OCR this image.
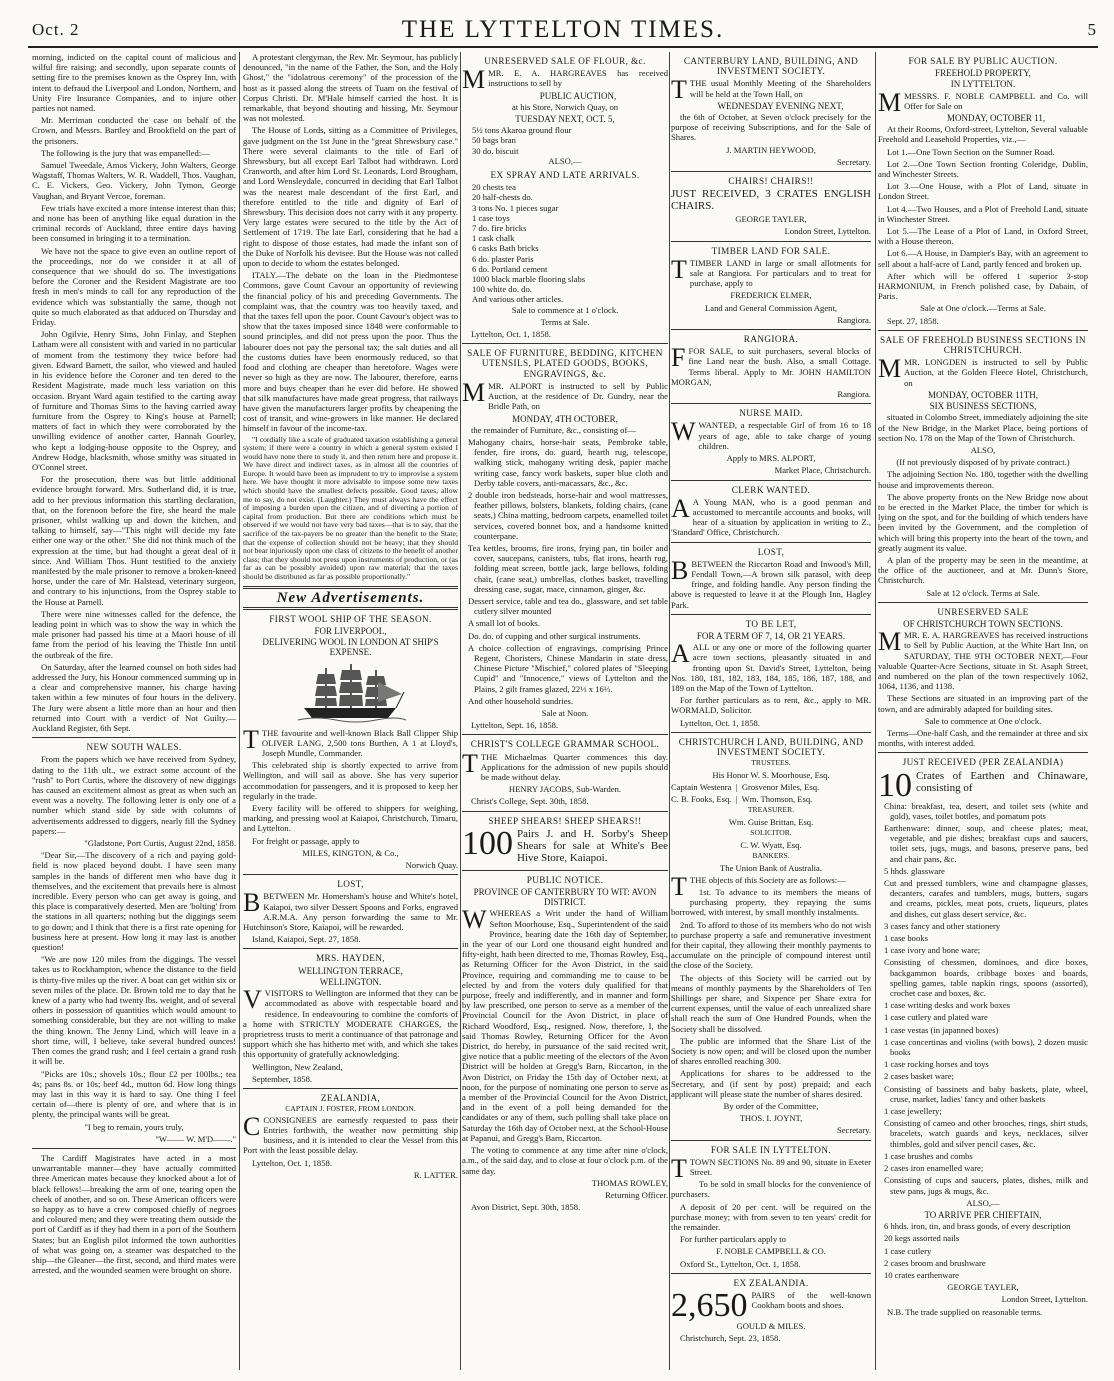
Oct. 2	THE LYTTELTON TIMES.	5

morning, indicted on the capital count of malicious and wilful fire raising; and secondly, upon separate counts of setting fire to the premises known as the Osprey Inn, with intent to defraud the Liverpool and London, Northern, and Unity Fire Insurance Companies, and to injure other parties not named.

Mr. Merriman conducted the case on behalf of the Crown, and Messrs. Bartley and Brookfield on the part of the prisoners.

The following is the jury that was empanelled:—

Samuel Tweedale, Amos Vickery, John Walters, George Wagstaff, Thomas Walters, W. R. Waddell, Thos. Vaughan, C. E. Vickers, Geo. Vickery, John Tymon, George Vaughan, and Bryant Vercoe, foreman.

Few trials have excited a more intense interest than this; and none has been of anything like equal duration in the criminal records of Auckland, three entire days having been consumed in bringing it to a termination.

We have not the space to give even an outline report of the proceedings, nor do we consider it at all of consequence that we should do so. The investigations before the Coroner and the Resident Magistrate are too fresh in men's minds to call for any reproduction of the evidence which was substantially the same, though not quite so much elaborated as that adduced on Thursday and Friday.

John Ogilvie, Henry Sims, John Finlay, and Stephen Latham were all consistent with and varied in no particular of moment from the testimony they twice before had given. Edward Barnett, the sailor, who viewed and hauled in his evidence before the Coroner and ten dered to the Resident Magistrate, made much less variation on this occasion. Bryant Ward again testified to the carting away of furniture and Thomas Sims to the having carried away furniture from the Osprey to King's house at Parnell; matters of fact in which they were corroborated by the unwilling evidence of another carter, Hannah Gourley, who kept a lodging-house opposite to the Osprey, and Andrew Hodge, blacksmith, whose smithy was situated in O'Connel street.

For the prosecution, there was but little additional evidence brought forward. Mrs. Sutherland did, it is true, add to her previous information this startling declaration, that, on the forenoon before the fire, she heard the male prisoner, whilst walking up and down the kitchen, and talking to himself, say—"This night will decide my fate either one way or the other." She did not think much of the expression at the time, but had thought a great deal of it since. And William Thos. Hunt testified to the anxiety manifested by the male prisoner to remove a broken-kneed horse, under the care of Mr. Halstead, veterinary surgeon, and contrary to his injunctions, from the Osprey stable to the House at Parnell.

There were nine witnesses called for the defence, the leading point in which was to show the way in which the male prisoner had passed his time at a Maori house of ill fame from the period of his leaving the Thistle Inn until the outbreak of the fire.

On Saturday, after the learned counsel on both sides had addressed the Jury, his Honour commenced summing up in a clear and comprehensive manner, his charge having taken within a few minutes of four hours in the delivery. The Jury were absent a little more than an hour and then returned into Court with a verdict of Not Guilty.—Auckland Register, 6th Sept.

NEW SOUTH WALES.

From the papers which we have received from Sydney, dating to the 11th ult., we extract some account of the "rush" to Port Curtis, where the discovery of new diggings has caused an excitement almost as great as when such an event was a novelty. The following letter is only one of a number which stand side by side with columns of advertisements addressed to diggers, nearly fill the Sydney papers:—

"Gladstone, Port Curtis, August 22nd, 1858.

"Dear Sir,—The discovery of a rich and paying gold-field is now placed beyond doubt. I have seen many samples in the hands of different men who have dug it themselves, and the excitement that prevails here is almost incredible. Every person who can get away is going, and this place is comparatively deserted. Men are 'bolting' from the stations in all quarters; nothing but the diggings seem to go down; and I think that there is a first rate opening for business here at present. How long it may last is another question!

"We are now 120 miles from the diggings. The vessel takes us to Rockhampton, whence the distance to the field is thirty-five miles up the river. A boat can get within six or seven miles of the place. Dr. Brown told me to day that he knew of a party who had twenty lbs. weight, and of several others in possession of quantities which would amount to something considerable, but they are not willing to make the thing known. The Jenny Lind, which will leave in a short time, will, I believe, take several hundred ounces! Then comes the grand rush; and I feel certain a grand rush it will be.

"Picks are 10s.; shovels 10s.; flour £2 per 100lbs.; tea 4s; pans 8s. or 10s; beef 4d., mutton 6d. How long things may last in this way it is hard to say. One thing I feel certain of—there is plenty of ore, and where that is in plenty, the principal wants will be great.

"I beg to remain, yours truly,

"W—— W. M'D——."

The Cardiff Magistrates have acted in a most unwarrantable manner—they have actually committed three American mates because they knocked about a lot of black fellows!—breaking the arm of one, tearing open the cheek of another, and so on. These American officers were so happy as to have a crew composed chiefly of negroes and coloured men; and they were treating them outside the port of Cardiff as if they had them in a port of the Southern States; but an English pilot informed the town authorities of what was going on, a steamer was despatched to the ship—the Gleaner—the first, second, and third mates were arrested, and the wounded seamen were brought on shore.

A protestant clergyman, the Rev. Mr. Seymour, has publicly denounced, "in the name of the Father, the Son, and the Holy Ghost," the "idolatrous ceremony" of the procession of the host as it passed along the streets of Tuam on the festival of Corpus Christi. Dr. M'Hale himself carried the host. It is remarkable, that beyond shouting and hissing, Mr. Seymour was not molested.

The House of Lords, sitting as a Committee of Privileges, gave judgment on the 1st June in the "great Shrewsbury case." There were several claimants to the title of Earl of Shrewsbury, but all except Earl Talbot had withdrawn. Lord Cranworth, and after him Lord St. Leonards, Lord Brougham, and Lord Wensleydale, concurred in deciding that Earl Talbot was the nearest male descendant of the first Earl, and therefore entitled to the title and dignity of Earl of Shrewsbury. This decision does not carry with it any property. Very large estates were secured to the title by the Act of Settlement of 1719. The late Earl, considering that he had a right to dispose of those estates, had made the infant son of the Duke of Norfolk his devisee. But the House was not called upon to decide to whom the estates belonged.

ITALY.—The debate on the loan in the Piedmontese Commons, gave Count Cavour an opportunity of reviewing the financial policy of his and preceding Governments. The complaint was, that the country was too heavily taxed, and that the taxes fell upon the poor. Count Cavour's object was to show that the taxes imposed since 1848 were conformable to sound principles, and did not press upon the poor. Thus the labourer does not pay the personal tax; the salt duties and all the customs duties have been enormously reduced, so that food and clothing are cheaper than heretofore. Wages were never so high as they are now. The labourer, therefore, earns more and buys cheaper than he ever did before. He showed that silk manufactures have made great progress, that railways have given the manufacturers larger profits by cheapening the cost of transit, and wine-growers in like manner. He declared himself in favour of the income-tax.

"I cordially like a scale of graduated taxation establishing a general system; if there were a country in which a general system existed I would have none there to study it, and then return here and propose it. We have direct and indirect taxes, as in almost all the countries of Europe. It would have been as imprudent to try to improvise a system here. We have thought it more advisable to impose some new taxes which should have the smallest defects possible. Good taxes, allow me to say, do not exist. (Laughter.) They must always have the effect of imposing a burden upon the citizen, and of diverting a portion of capital from production. But there are conditions which must be observed if we would not have very bad taxes—that is to say, that the sacrifice of the tax-payers be no greater than the benefit to the State; that the expense of collection should not be heavy; that they should not bear injuriously upon one class of citizens to the benefit of another class; that they should not press upon instruments of production, or (as far as can be possibly avoided) upon raw material; that the taxes should be distributed as far as possible proportionally."

New Advertisements.
FIRST WOOL SHIP OF THE SEASON.
FOR LIVERPOOL,
DELIVERING WOOL IN LONDON AT SHIP'S EXPENSE.

TTHE favourite and well-known Black Ball Clipper Ship OLIVER LANG, 2,500 tons Burthen, A 1 at Lloyd's, Joseph Mundle, Commander.

This celebrated ship is shortly expected to arrive from Wellington, and will sail as above. She has very superior accommodation for passengers, and it is proposed to keep her regularly in the trade.

Every facility will be offered to shippers for weighing, marking, and pressing wool at Kaiapoi, Christchurch, Timaru, and Lyttelton.

For freight or passage, apply to

MILES, KINGTON, & Co.,

Norwich Quay.

LOST,

BBETWEEN Mr. Homersham's house and White's hotel, Kaiapoi, two silver Dessert Spoons and Forks, engraved A.R.M.A. Any person forwarding the same to Mr. Hutchinson's Store, Kaiapoi, will be rewarded.

Island, Kaiapoi, Sept. 27, 1858.

MRS. HAYDEN,
WELLINGTON TERRACE,
WELLINGTON.

VVISITORS to Wellington are informed that they can be accommodated as above with respectable board and residence. In endeavouring to combine the comforts of a home with STRICTLY MODERATE CHARGES, the proprietress trusts to merit a continuance of that patronage and support which she has hitherto met with, and which she takes this opportunity of gratefully acknowledging.

Wellington, New Zealand,

September, 1858.

ZEALANDIA,
CAPTAIN J. FOSTER, FROM LONDON.

CCONSIGNEES are earnestly requested to pass their Entries forthwith, the weather now permitting ship business, and it is intended to clear the Vessel from this Port with the least possible delay.

Lyttelton, Oct. 1, 1858.

R. LATTER.

UNRESERVED SALE OF FLOUR, &c.

MMR. E. A. HARGREAVES has received instructions to sell by

PUBLIC AUCTION,

at his Store, Norwich Quay, on

TUESDAY NEXT, OCT. 5,

5½ tons Akaroa ground flour

50 bags bran

30 do. biscuit

ALSO,—

EX SPRAY AND LATE ARRIVALS.

20 chests tea

20 half-chests do.

3 tons No. 1 pieces sugar

1 case toys

7 do. fire bricks

1 cask chalk

6 casks Bath bricks

6 do. plaster Paris

6 do. Portland cement

1000 black marble flooring slabs

100 white do. do.

And various other articles.

Sale to commence at 1 o'clock.

Terms at Sale.

Lyttelton, Oct. 1, 1858.

SALE OF FURNITURE, BEDDING, KITCHEN UTENSILS, PLATED GOODS, BOOKS, ENGRAVINGS, &c.

MMR. ALPORT is instructed to sell by Public Auction, at the residence of Dr. Gundry, near the Bridle Path, on

MONDAY, 4TH OCTOBER,

the remainder of Furniture, &c., consisting of—

Mahogany chairs, horse-hair seats, Pembroke table, fender, fire irons, do. guard, hearth rug, telescope, walking stick, mahogany writing desk, papier mache writing case, fancy work baskets, super blue cloth and Derby table covers, anti-macassars, &c., &c.

2 double iron bedsteads, horse-hair and wool mattresses, feather pillows, bolsters, blankets, folding chairs, (cane seats,) China matting, bedroom carpets, enamelled toilet services, covered bonnet box, and a handsome knitted counterpane.

Tea kettles, brooms, fire irons, frying pan, tin boiler and cover, saucepans, canisters, tubs, flat irons, hearth rug, folding meat screen, bottle jack, large bellows, folding chair, (cane seat,) umbrellas, clothes basket, travelling dressing case, sugar, mace, cinnamon, ginger, &c.

Dessert service, table and tea do., glassware, and set table cutlery silver mounted

A small lot of books.

Do. do. of cupping and other surgical instruments.

A choice collection of engravings, comprising Prince Regent, Choristers, Chinese Mandarin in state dress, Chinese Picture "Mischief," colored plates of "Sleeping Cupid" and "Innocence," views of Lyttelton and the Plains, 2 gilt frames glazed, 22⅓ x 16⅓.

And other household sundries.

Sale at Noon.

Lyttelton, Sept. 16, 1858.

CHRIST'S COLLEGE GRAMMAR SCHOOL.

TTHE Michaelmas Quarter commences this day. Applications for the admission of new pupils should be made without delay.

HENRY JACOBS, Sub-Warden.

Christ's College, Sept. 30th, 1858.

SHEEP SHEARS! SHEEP SHEARS!!

100 Pairs J. and H. Sorby's Sheep Shears for sale at White's Bee Hive Store, Kaiapoi.

PUBLIC NOTICE.
PROVINCE OF CANTERBURY TO WIT: AVON DISTRICT.

WWHEREAS a Writ under the hand of William Sefton Moorhouse, Esq., Superintendent of the said Province, bearing date the 16th day of September, in the year of our Lord one thousand eight hundred and fifty-eight, hath been directed to me, Thomas Rowley, Esq., as Returning Officer for the Avon District, in the said Province, requiring and commanding me to cause to be elected by and from the voters duly qualified for that purpose, freely and indifferently, and in manner and form by law prescribed, one person to serve as a member of the Provincial Council for the Avon District, in place of Richard Woodford, Esq., resigned. Now, therefore, I, the said Thomas Rowley, Returning Officer for the Avon District, do hereby, in pursuance of the said recited writ, give notice that a public meeting of the electors of the Avon District will be holden at Gregg's Barn, Riccarton, in the Avon District, on Friday the 15th day of October next, at noon, for the purpose of nominating one person to serve as a member of the Provincial Council for the Avon District, and in the event of a poll being demanded for the candidates or any of them, such polling shall take place on Saturday the 16th day of October next, at the School-House at Papanui, and Gregg's Barn, Riccarton.

The voting to commence at any time after nine o'clock, a.m., of the said day, and to close at four o'clock p.m. of the same day.

THOMAS ROWLEY,

Returning Officer.

Avon District, Sept. 30th, 1858.

CANTERBURY LAND, BUILDING, AND INVESTMENT SOCIETY.

TTHE usual Monthly Meeting of the Shareholders will be held at the Town Hall, on

WEDNESDAY EVENING NEXT,

the 6th of October, at Seven o'clock precisely for the purpose of receiving Subscriptions, and for the Sale of Shares.

J. MARTIN HEYWOOD,

Secretary.

CHAIRS! CHAIRS!!

JUST RECEIVED, 3 CRATES ENGLISH CHAIRS.

GEORGE TAYLER,

London Street, Lyttelton.

TIMBER LAND FOR SALE.

TTIMBER LAND in large or small allotments for sale at Rangiora. For particulars and to treat for purchase, apply to

FREDERICK ELMER,

Land and General Commission Agent,

Rangiora.

RANGIORA.

FFOR SALE, to suit purchasers, several blocks of fine Land near the bush. Also, a small Cottage. Terms liberal. Apply to Mr. JOHN HAMILTON MORGAN,

Rangiora.

NURSE MAID.

WWANTED, a respectable Girl of from 16 to 18 years of age, able to take charge of young children.

Apply to MRS. ALPORT,

Market Place, Christchurch.

CLERK WANTED.

A A Young MAN, who is a good penman and accustomed to mercantile accounts and books, will hear of a situation by application in writing to Z., 'Standard' Office, Christchurch.

LOST,

BBETWEEN the Riccarton Road and Inwood's Mill, Fendall Town,—A brown silk parasol, with deep fringe, and folding handle. Any person finding the above is requested to leave it at the Plough Inn, Hagley Park.

TO BE LET,
FOR A TERM OF 7, 14, OR 21 YEARS.

AALL or any one or more of the following quarter acre town sections, pleasantly situated in and fronting upon St. David's Street, Lyttelton, being Nos. 180, 181, 182, 183, 184, 185, 186, 187, 188, and 189 on the Map of the Town of Lyttelton.

For further particulars as to rent, &c., apply to MR. WORMALD, Solicitor.

Lyttelton, Oct. 1, 1858.

CHRISTCHURCH LAND, BUILDING, AND INVESTMENT SOCIETY.

TRUSTEES.

His Honor W. S. Moorhouse, Esq.

Captain Westenra  |  Grosvenor Miles, Esq.

C. B. Fooks, Esq.  |  Wm. Thomson, Esq.

TREASURER.

Wm. Guise Brittan, Esq.

SOLICITOR.

C. W. Wyatt, Esq.

BANKERS.

The Union Bank of Australia.

TTHE objects of this Society are as follows:—

1st. To advance to its members the means of purchasing property, they repaying the sums borrowed, with interest, by small monthly instalments.

2nd. To afford to those of its members who do not wish to purchase property a safe and remunerative investment for their capital, they allowing their monthly payments to accumulate on the principle of compound interest until the close of the Society.

The objects of this Society will be carried out by means of monthly payments by the Shareholders of Ten Shillings per share, and Sixpence per Share extra for current expenses, until the value of each unrealized share shall reach the sum of One Hundred Pounds, when the Society shall be dissolved.

The public are informed that the Share List of the Society is now open; and will be closed upon the number of shares enrolled reaching 300.

Applications for shares to be addressed to the Secretary, and (if sent by post) prepaid; and each applicant will please state the number of shares desired.

By order of the Committee,

THOS. I. JOYNT,

Secretary.

FOR SALE IN LYTTELTON.

TTOWN SECTIONS No. 89 and 90, situate in Exeter Street.

To be sold in small blocks for the convenience of purchasers.

A deposit of 20 per cent. will be required on the purchase money; with from seven to ten years' credit for the remainder.

For further particulars apply to

F. NOBLE CAMPBELL & CO.

Oxford St., Lyttelton, Oct. 1, 1858.

EX ZEALANDIA.

2,650 PAIRS of the well-known Cookham boots and shoes.

GOULD & MILES.

Christchurch, Sept. 23, 1858.

FOR SALE BY PUBLIC AUCTION.
FREEHOLD PROPERTY,
IN LYTTELTON.

MMESSRS. F. NOBLE CAMPBELL and Co. will Offer for Sale on

MONDAY, OCTOBER 11,

At their Rooms, Oxford-street, Lyttelton, Several valuable Freehold and Leasehold Properties, viz.,—

Lot 1.—One Town Section on the Sumner Road.

Lot 2.—One Town Section fronting Coleridge, Dublin, and Winchester Streets.

Lot 3.—One House, with a Plot of Land, situate in London Street.

Lot 4.—Two Houses, and a Plot of Freehold Land, situate in Winchester Street.

Lot 5.—The Lease of a Plot of Land, in Oxford Street, with a House thereon.

Lot 6.—A House, in Dampier's Bay, with an agreement to sell about a half-acre of Land, partly fenced and broken up.

After which will be offered 1 superior 3-stop HARMONIUM, in French polished case, by Dabain, of Paris.

Sale at One o'clock.—Terms at Sale.

Sept. 27, 1858.

SALE OF FREEHOLD BUSINESS SECTIONS IN CHRISTCHURCH.

MMR. LONGDEN is instructed to sell by Public Auction, at the Golden Fleece Hotel, Christchurch, on

MONDAY, OCTOBER 11TH,
SIX BUSINESS SECTIONS,

situated in Colombo Street, immediately adjoining the site of the New Bridge, in the Market Place, being portions of section No. 178 on the Map of the Town of Christchurch.

ALSO,

(If not previously disposed of by private contract.)

The adjoining Section No. 180, together with the dwelling house and improvements thereon.

The above property fronts on the New Bridge now about to be erected in the Market Place, the timber for which is lying on the spot, and for the building of which tenders have been invited by the Government, and the completion of which will bring this property into the heart of the town, and greatly augment its value.

A plan of the property may be seen in the meantime, at the office of the auctioneer, and at Mr. Dunn's Store, Christchurch.

Sale at 12 o'clock. Terms at Sale.

UNRESERVED SALE
OF CHRISTCHURCH TOWN SECTIONS.

MMR. E. A. HARGREAVES has received instructions to Sell by Public Auction, at the White Hart Inn, on SATURDAY, THE 9TH OCTOBER NEXT,—Four valuable Quarter-Acre Sections, situate in St. Asaph Street, and numbered on the plan of the town respectively 1062, 1064, 1136, and 1138.

These Sections are situated in an improving part of the town, and are admirably adapted for building sites.

Sale to commence at One o'clock.

Terms—One-half Cash, and the remainder at three and six months, with interest added.

JUST RECEIVED (PER ZEALANDIA)

10 Crates of Earthen and Chinaware, consisting of

China: breakfast, tea, desert, and toilet sets (white and gold), vases, toilet bottles, and pomatum pots

Earthenware: dinner, soup, and cheese plates; meat, vegetable, and pie dishes; breakfast cups and saucers, toilet sets, jugs, mugs, and basons, preserve pans, bed and chair pans, &c.

5 hhds. glassware

Cut and pressed tumblers, wine and champagne glasses, decanters, carafes and tumblers, mugs, butters, sugars and creams, pickles, meat pots, cruets, liqueurs, plates and dishes, cut glass desert service, &c.

3 cases fancy and other stationery

1 case books

1 case ivory and bone ware;

Consisting of chessmen, dominoes, and dice boxes, backgammon boards, cribbage boxes and boards, spelling games, table napkin rings, spoons (assorted), crochet case and boxes, &c.

1 case writing desks and work boxes

1 case cutlery and plated ware

1 case vestas (in japanned boxes)

1 case concertinas and violins (with bows), 2 dozen music books

1 case rocking horses and toys

2 cases basket ware;

Consisting of bassinets and baby baskets, plate, wheel, cruse, market, ladies' fancy and other baskets

1 case jewellery;

Consisting of cameo and other brooches, rings, shirt studs, bracelets, watch guards and keys, necklaces, silver thimbles, gold and silver pencil cases, &c.

1 case brushes and combs

2 cases iron enamelled ware;

Consisting of cups and saucers, plates, dishes, milk and stew pans, jugs & mugs, &c.

ALSO,—

TO ARRIVE PER CHIEFTAIN,

6 hhds. iron, tin, and brass goods, of every description

20 kegs assorted nails

1 case cutlery

2 cases broom and brushware

10 crates earthenware

GEORGE TAYLER,

London Street, Lyttelton.

N.B. The trade supplied on reasonable terms.
